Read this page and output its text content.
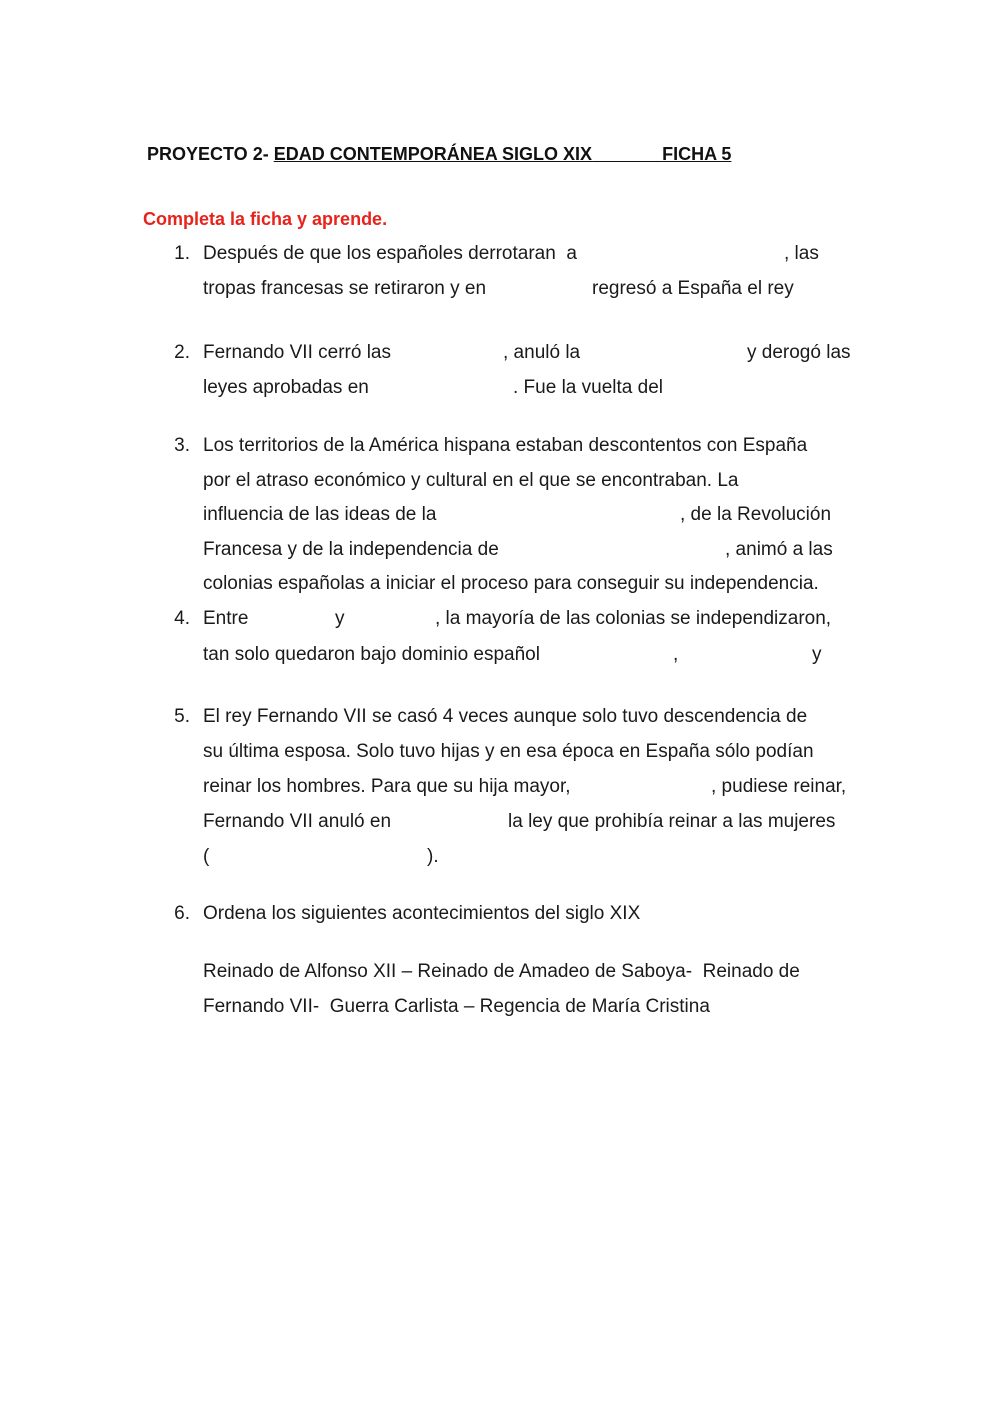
PROYECTO 2- EDAD CONTEMPORÁNEA SIGLO XIX	FICHA 5
Completa la ficha y aprende.
1. Después de que los españoles derrotaran  a	, las
tropas francesas se retiraron y en	regresó a España el rey
2. Fernando VII cerró las	, anuló la	y derogó las
leyes aprobadas en	. Fue la vuelta del
3. Los territorios de la América hispana estaban descontentos con España
por el atraso económico y cultural en el que se encontraban. La
influencia de las ideas de la	, de la Revolución
Francesa y de la independencia de	, animó a las
colonias españolas a iniciar el proceso para conseguir su independencia.
4. Entre	y	, la mayoría de las colonias se independizaron,
tan solo quedaron bajo dominio español	,	y
5. El rey Fernando VII se casó 4 veces aunque solo tuvo descendencia de
su última esposa. Solo tuvo hijas y en esa época en España sólo podían
reinar los hombres. Para que su hija mayor,	, pudiese reinar,
Fernando VII anuló en	la ley que prohibía reinar a las mujeres
(	).
6. Ordena los siguientes acontecimientos del siglo XIX
Reinado de Alfonso XII – Reinado de Amadeo de Saboya-  Reinado de
Fernando VII-  Guerra Carlista – Regencia de María Cristina
